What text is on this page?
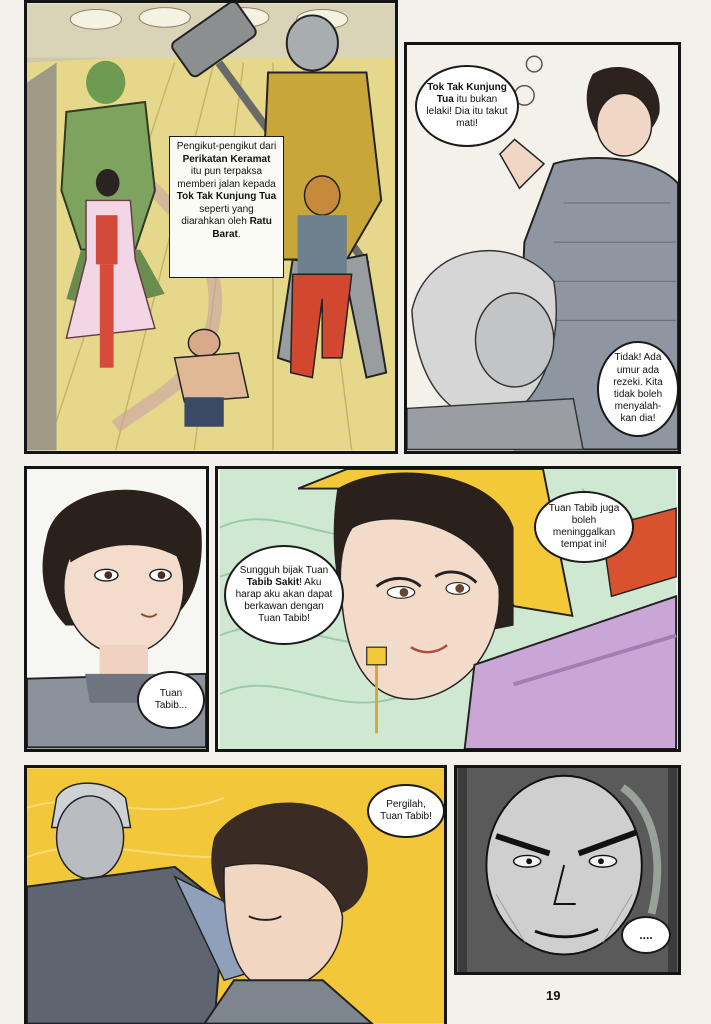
Pengikut-pengikut dari Perikatan Keramat itu pun terpaksa memberi jalan kepada Tok Tak Kunjung Tua seperti yang diarahkan oleh Ratu Barat.
Tok Tak Kunjung Tua itu bukan lelaki! Dia itu takut mati!
Tidak! Ada umur ada rezeki. Kita tidak boleh menyalah-kan dia!
Tuan Tabib...
Tuan Tabib juga boleh meninggalkan tempat ini!
Sungguh bijak Tuan Tabib Sakit! Aku harap aku akan dapat berkawan dengan Tuan Tabib!
Pergilah, Tuan Tabib!
....
19
